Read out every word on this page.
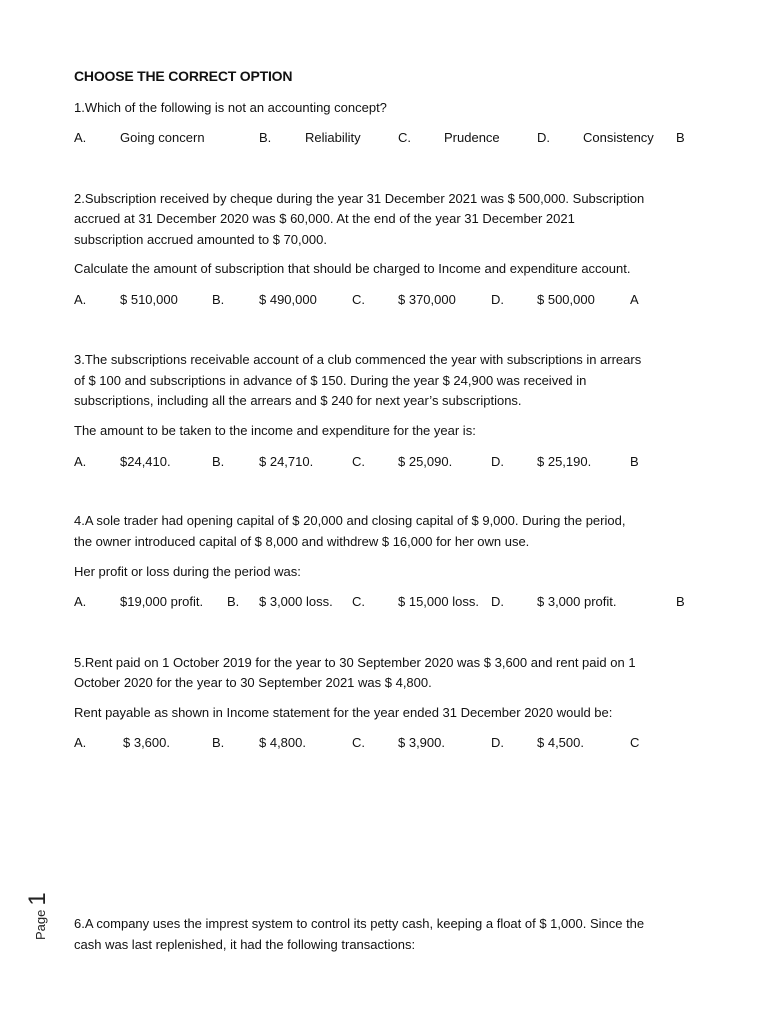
CHOOSE THE CORRECT OPTION
1.Which of the following is not an accounting concept?
A.	Going concern	B.	Reliability	C.	Prudence	D.	Consistency B
2.Subscription received by cheque during the year 31 December 2021 was $ 500,000. Subscription
accrued at 31 December 2020 was $ 60,000. At the end of the year 31 December 2021
subscription accrued amounted to $ 70,000.
Calculate the amount of subscription that should be charged to Income and expenditure account.
A.	$ 510,000	B.	$ 490,000	C.	$ 370,000	D.	$ 500,000	A
3.The subscriptions receivable account of a club commenced the year with subscriptions in arrears
of $ 100 and subscriptions in advance of $ 150. During the year $ 24,900 was received in
subscriptions, including all the arrears and $ 240 for next year’s subscriptions.
The amount to be taken to the income and expenditure for the year is:
A.	$24,410.	B.	$ 24,710.	C.	$ 25,090.	D.	$ 25,190.	B
4.A sole trader had opening capital of $ 20,000 and closing capital of $ 9,000. During the period,
the owner introduced capital of $ 8,000 and withdrew $ 16,000 for her own use.
Her profit or loss during the period was:
A.	$19,000 profit. B. $ 3,000 loss. C.	$ 15,000 loss. D.	$ 3,000 profit.	B
5.Rent paid on 1 October 2019 for the year to 30 September 2020 was $ 3,600 and rent paid on 1
October 2020 for the year to 30 September 2021 was $ 4,800.
Rent payable as shown in Income statement for the year ended 31 December 2020 would be:
A.	$ 3,600.	B.	$ 4,800.	C.	$ 3,900.	D.	$ 4,500.	C
6.A company uses the imprest system to control its petty cash, keeping a float of $ 1,000. Since the
cash was last replenished, it had the following transactions:
Page1
